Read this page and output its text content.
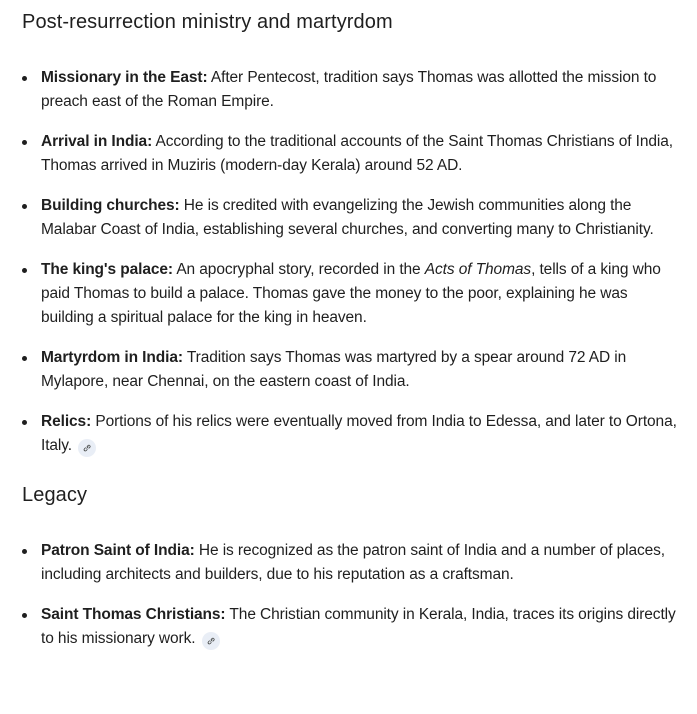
Post-resurrection ministry and martyrdom
Missionary in the East: After Pentecost, tradition says Thomas was allotted the mission to preach east of the Roman Empire.
Arrival in India: According to the traditional accounts of the Saint Thomas Christians of India, Thomas arrived in Muziris (modern-day Kerala) around 52 AD.
Building churches: He is credited with evangelizing the Jewish communities along the Malabar Coast of India, establishing several churches, and converting many to Christianity.
The king's palace: An apocryphal story, recorded in the Acts of Thomas, tells of a king who paid Thomas to build a palace. Thomas gave the money to the poor, explaining he was building a spiritual palace for the king in heaven.
Martyrdom in India: Tradition says Thomas was martyred by a spear around 72 AD in Mylapore, near Chennai, on the eastern coast of India.
Relics: Portions of his relics were eventually moved from India to Edessa, and later to Ortona, Italy.
Legacy
Patron Saint of India: He is recognized as the patron saint of India and a number of places, including architects and builders, due to his reputation as a craftsman.
Saint Thomas Christians: The Christian community in Kerala, India, traces its origins directly to his missionary work.
